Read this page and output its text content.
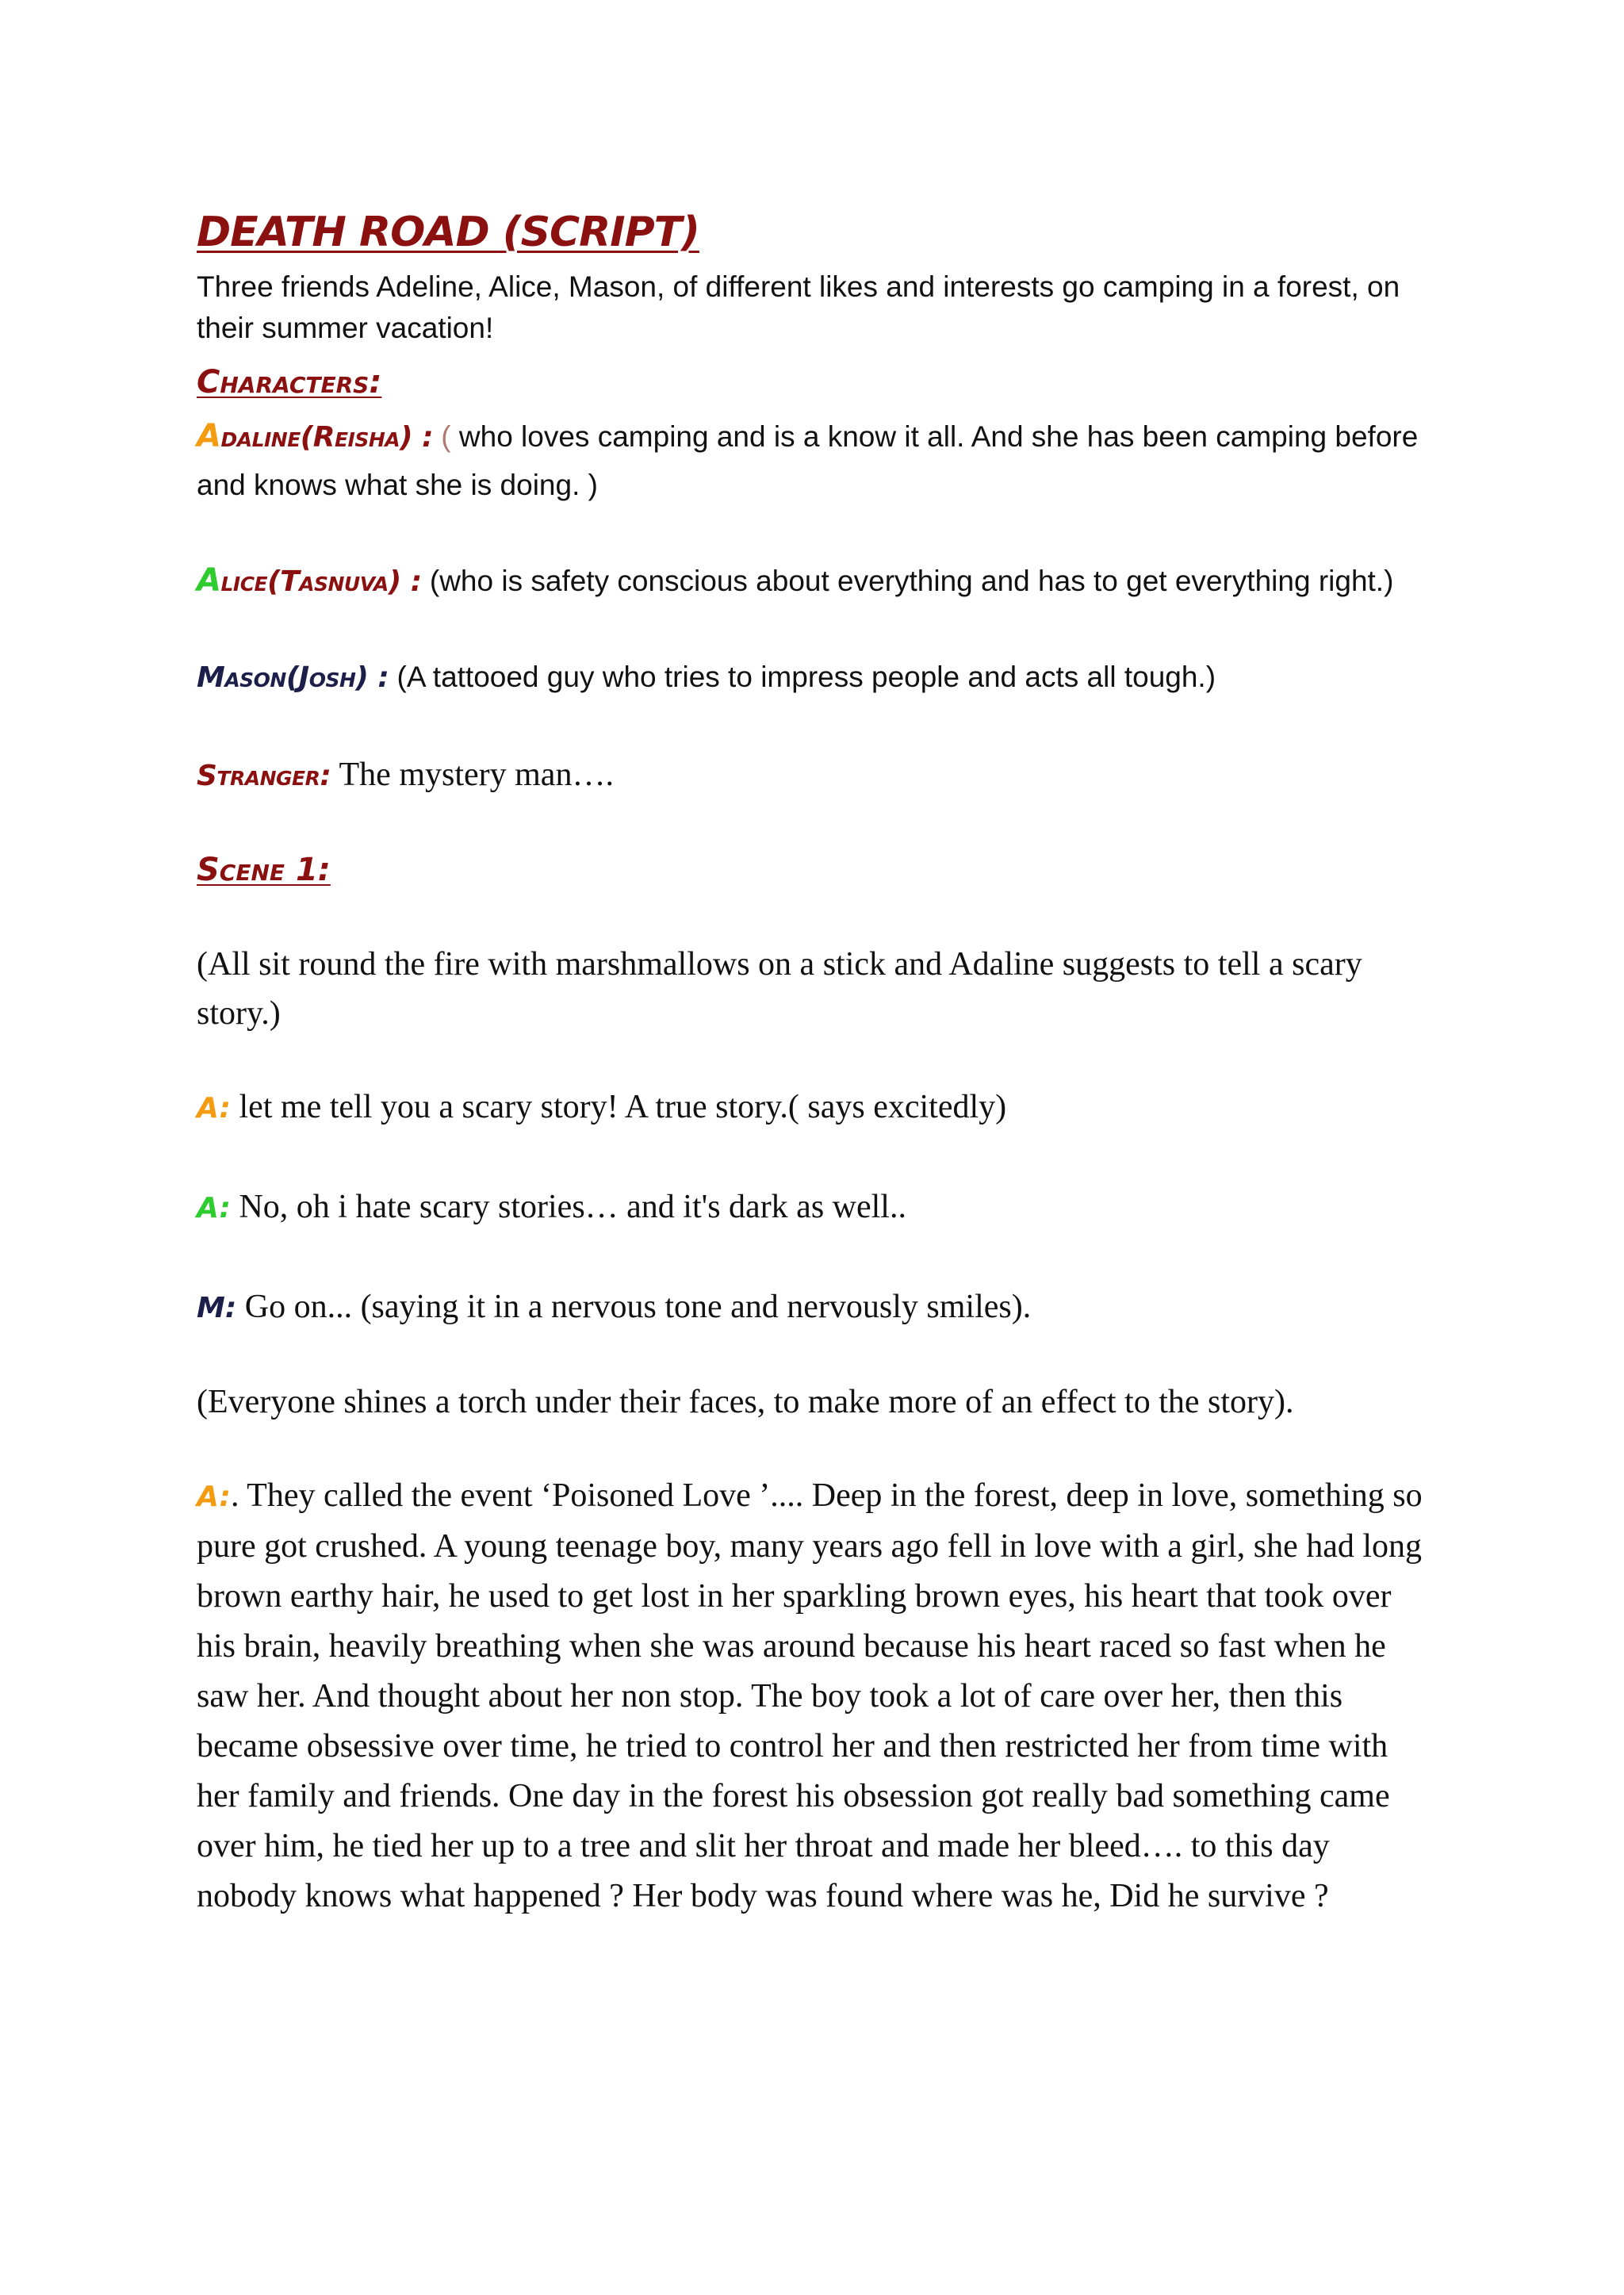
DEATH ROAD (SCRIPT)

Three friends Adeline, Alice, Mason, of different likes and interests go camping in a forest, on their summer vacation!

Characters:

Adaline(Reisha) : ( who loves camping and is a know it all. And she has been camping before and knows what she is doing. )

Alice(Tasnuva) : (who is safety conscious about everything and has to get everything right.)

Mason(Josh) : (A tattooed guy who tries to impress people and acts all tough.)

Stranger: The mystery man….

Scene 1:

(All sit round the fire with marshmallows on a stick and Adaline suggests to tell a scary story.)

A: let me tell you a scary story! A true story.( says excitedly)

A: No, oh i hate scary stories… and it's dark as well..

M: Go on... (saying it in a nervous tone and nervously smiles).

(Everyone shines a torch under their faces, to make more of an effect to the story).

A:. They called the event ‘Poisoned Love ’.... Deep in the forest, deep in love, something so pure got crushed. A young teenage boy, many years ago fell in love with a girl, she had long brown earthy hair, he used to get lost in her sparkling brown eyes, his heart that took over his brain, heavily breathing when she was around because his heart raced so fast when he saw her. And thought about her non stop. The boy took a lot of care over her, then this became obsessive over time, he tried to control her and then restricted her from time with her family and friends. One day in the forest his obsession got really bad something came over him, he tied her up to a tree and slit her throat and made her bleed…. to this day nobody knows what happened ? Her body was found where was he, Did he survive ?
